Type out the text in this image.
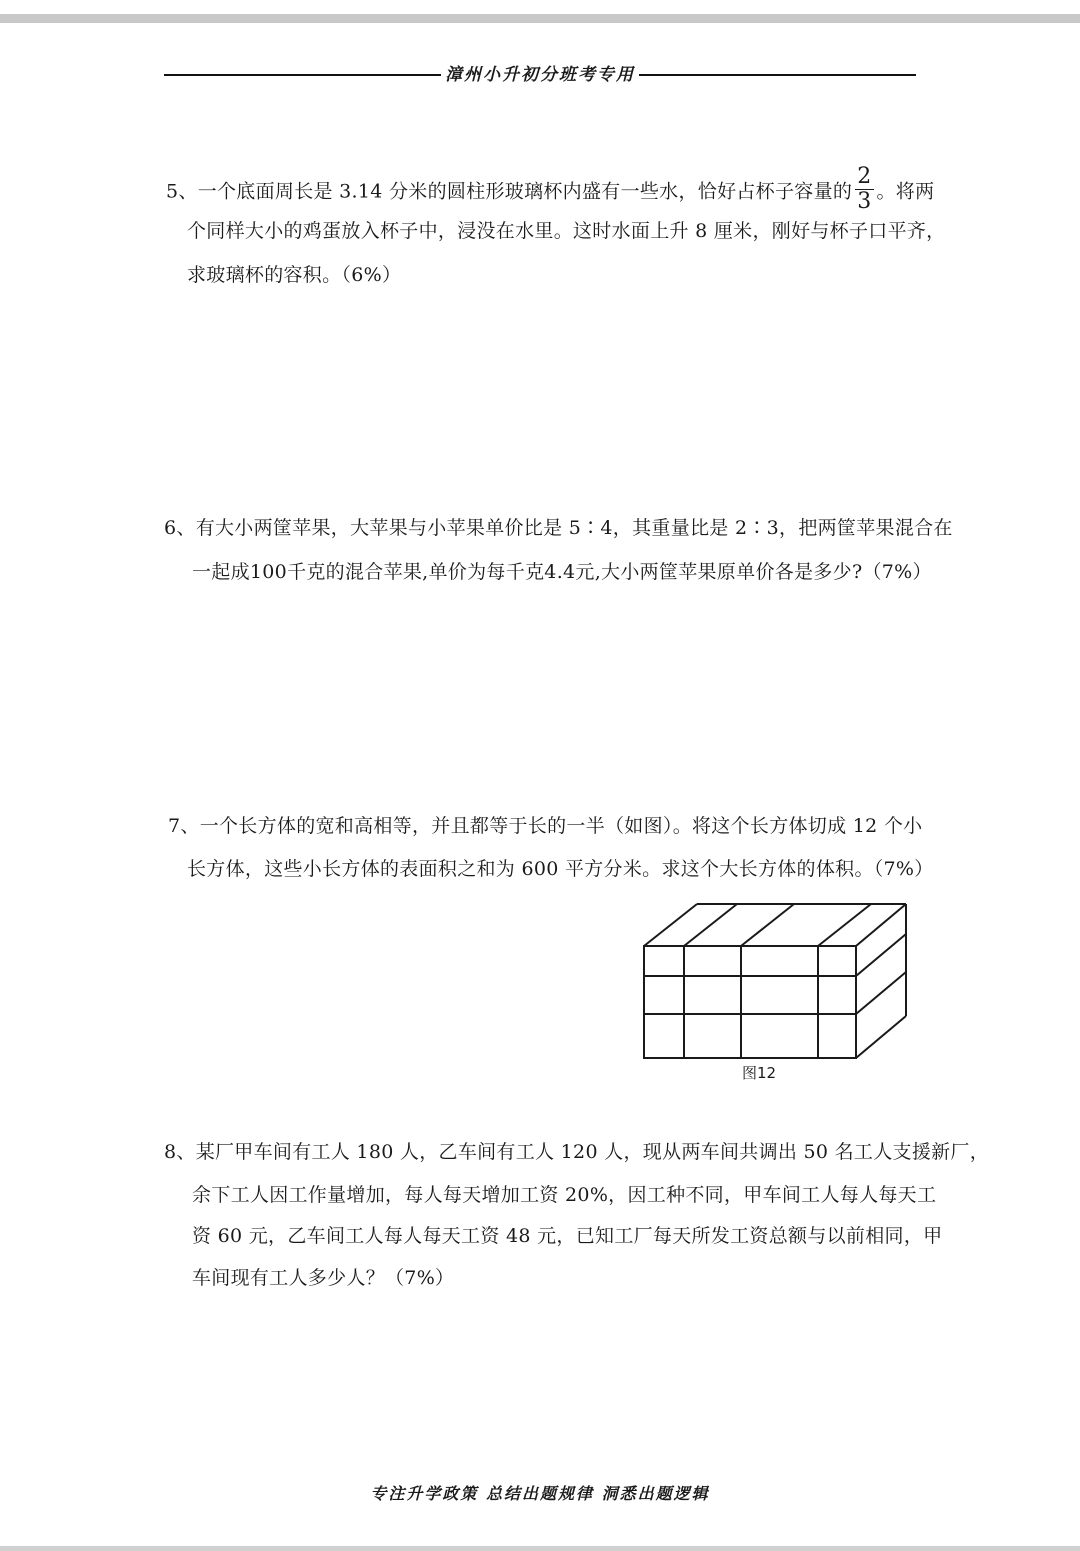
漳州小升初分班考专用
5、一个底面周长是 3.14 分米的圆柱形玻璃杯内盛有一些水，恰好占杯子容量的 $\frac{2}{3}$ 。将两
个同样大小的鸡蛋放入杯子中，浸没在水里。这时水面上升 8 厘米，刚好与杯子口平齐，
求玻璃杯的容积。（6%）
6、有大小两筐苹果，大苹果与小苹果单价比是 5∶4，其重量比是 2∶3，把两筐苹果混合在
一起成100千克的混合苹果,单价为每千克4.4元,大小两筐苹果原单价各是多少?（7%）
7、一个长方体的宽和高相等，并且都等于长的一半（如图）。将这个长方体切成 12 个小
长方体，这些小长方体的表面积之和为 600 平方分米。求这个大长方体的体积。（7%）
图12
8、某厂甲车间有工人 180 人，乙车间有工人 120 人，现从两车间共调出 50 名工人支援新厂，
余下工人因工作量增加，每人每天增加工资 20%，因工种不同，甲车间工人每人每天工
资 60 元，乙车间工人每人每天工资 48 元，已知工厂每天所发工资总额与以前相同，甲
车间现有工人多少人？（7%）
专注升学政策 总结出题规律 洞悉出题逻辑
